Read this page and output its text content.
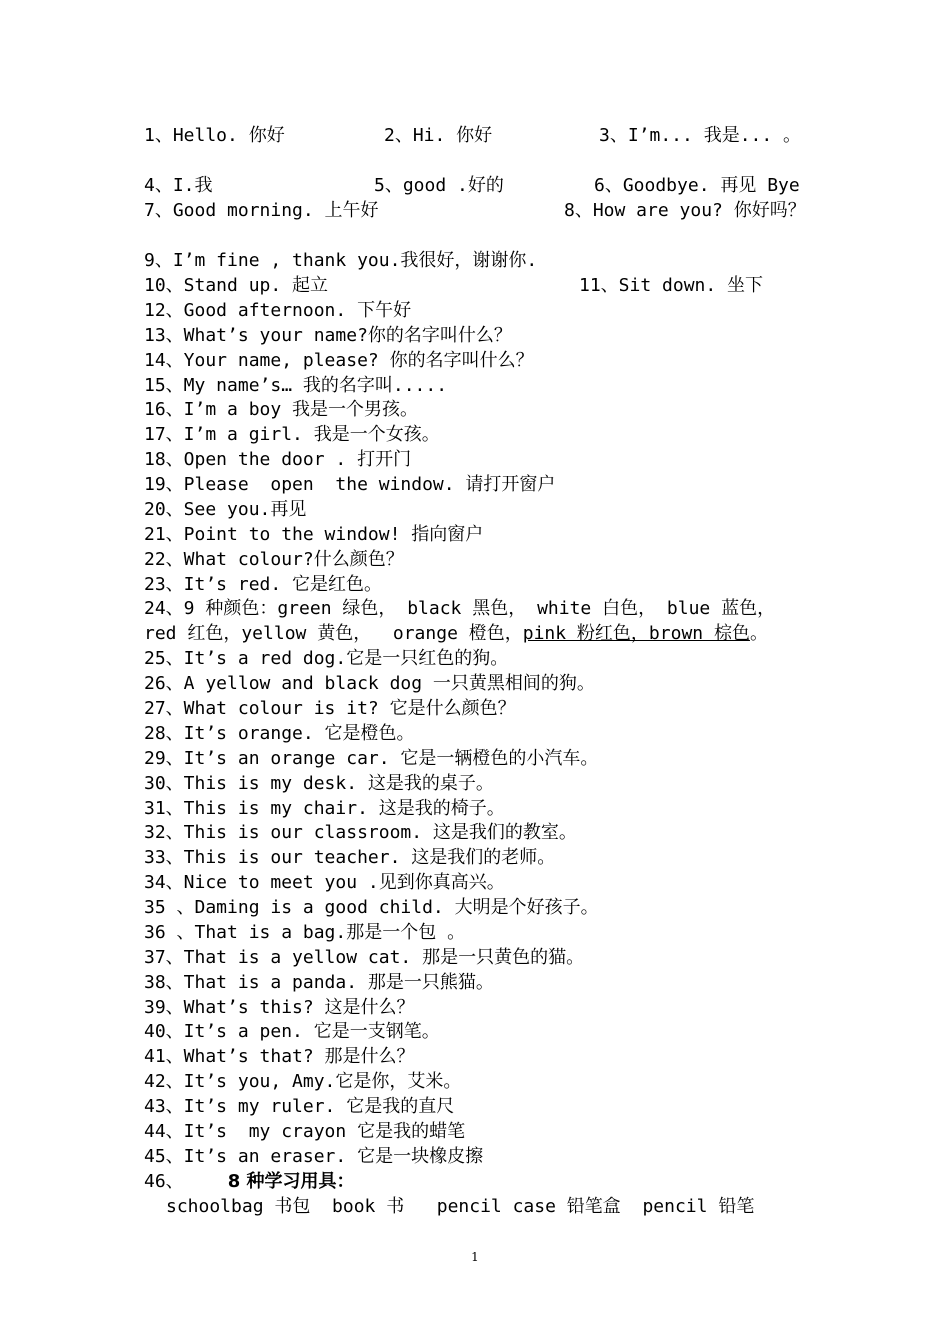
1、Hello. 你好

	2、Hi. 你好

	3、I’m... 我是... 。

4、I.我

	5、good .好的

	6、Goodbye. 再见 Bye

7、Good morning. 上午好

	8、How are you? 你好吗？

9、I’m fine , thank you.我很好，谢谢你.

10、Stand up. 起立

	11、Sit down. 坐下

12、Good afternoon. 下午好
13、What’s your name?你的名字叫什么？
14、Your name, please? 你的名字叫什么？
15、My name’s… 我的名字叫.....
16、I’m a boy 我是一个男孩。
17、I’m a girl. 我是一个女孩。
18、Open the door . 打开门
19、Please  open  the window. 请打开窗户
20、See you.再见
21、Point to the window! 指向窗户
22、What colour?什么颜色？
23、It’s red. 它是红色。
24、9 种颜色：green 绿色， black 黑色， white 白色， blue 蓝色，
red 红色，yellow 黄色，  orange 橙色，pink 粉红色，brown 棕色。
25、It’s a red dog.它是一只红色的狗。
26、A yellow and black dog 一只黄黑相间的狗。
27、What colour is it? 它是什么颜色？
28、It’s orange. 它是橙色。
29、It’s an orange car. 它是一辆橙色的小汽车。
30、This is my desk. 这是我的桌子。
31、This is my chair. 这是我的椅子。
32、This is our classroom. 这是我们的教室。
33、This is our teacher. 这是我们的老师。
34、Nice to meet you .见到你真高兴。
35 、Daming is a good child. 大明是个好孩子。
36 、That is a bag.那是一个包 。
37、That is a yellow cat. 那是一只黄色的猫。
38、That is a panda. 那是一只熊猫。
39、What’s this? 这是什么？
40、It’s a pen. 它是一支钢笔。
41、What’s that? 那是什么？
42、It’s you, Amy.它是你，艾米。
43、It’s my ruler. 它是我的直尺
44、It’s  my crayon 它是我的蜡笔
45、It’s an eraser. 它是一块橡皮擦
46、 8 种学习用具：
schoolbag 书包  book 书   pencil case 铅笔盒  pencil 铅笔
1
